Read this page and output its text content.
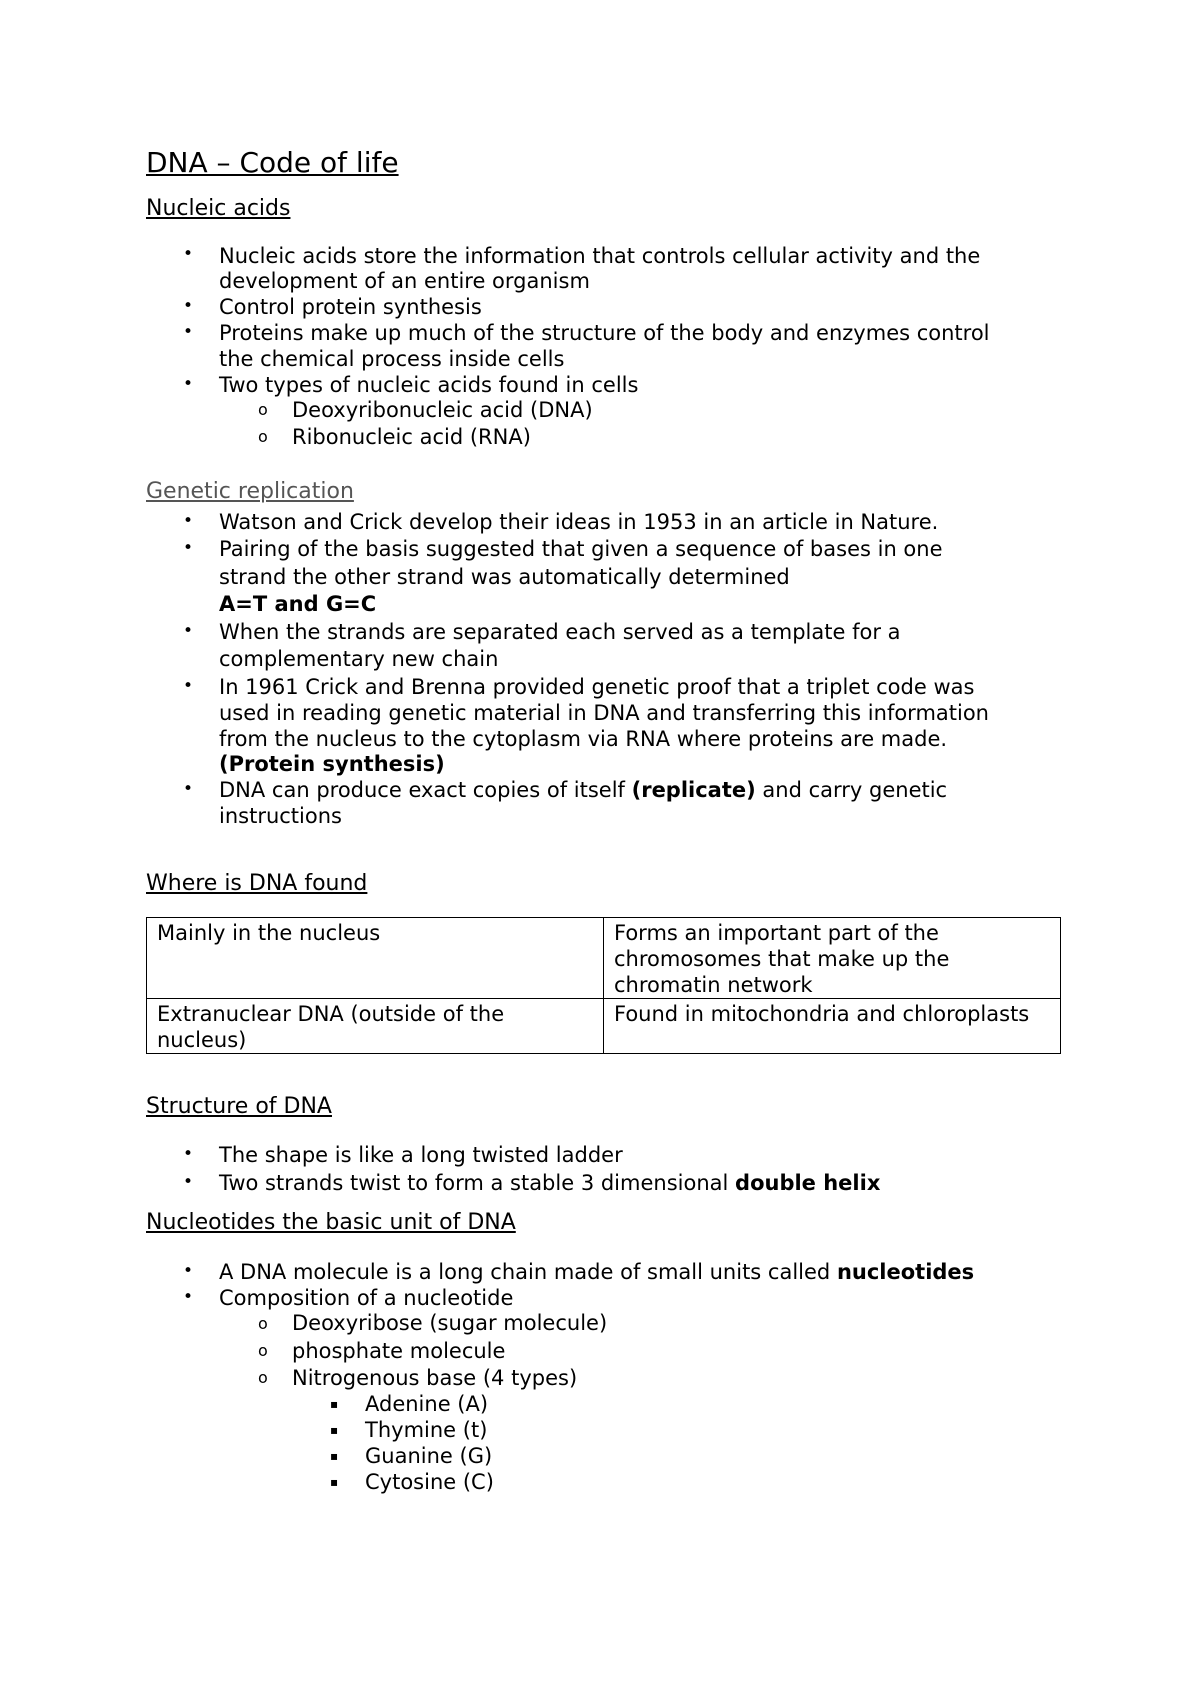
DNA – Code of life
Nucleic acids
• Nucleic acids store the information that controls cellular activity and the
development of an entire organism
• Control protein synthesis
• Proteins make up much of the structure of the body and enzymes control
the chemical process inside cells
• Two types of nucleic acids found in cells
o Deoxyribonucleic acid (DNA)
o Ribonucleic acid (RNA)
Genetic replication
• Watson and Crick develop their ideas in 1953 in an article in Nature.
• Pairing of the basis suggested that given a sequence of bases in one
strand the other strand was automatically determined
A=T and G=C
• When the strands are separated each served as a template for a
complementary new chain
• In 1961 Crick and Brenna provided genetic proof that a triplet code was
used in reading genetic material in DNA and transferring this information
from the nucleus to the cytoplasm via RNA where proteins are made.
(Protein synthesis)
• DNA can produce exact copies of itself (replicate) and carry genetic
instructions
Where is DNA found
Mainly in the nucleus	Forms an important part of the chromosomes that make up the chromatin network
Extranuclear DNA (outside of the nucleus)	Found in mitochondria and chloroplasts
Structure of DNA
• The shape is like a long twisted ladder
• Two strands twist to form a stable 3 dimensional double helix
Nucleotides the basic unit of DNA
• A DNA molecule is a long chain made of small units called nucleotides
• Composition of a nucleotide
o Deoxyribose (sugar molecule)
o phosphate molecule
o Nitrogenous base (4 types)
▪ Adenine (A)
▪ Thymine (t)
▪ Guanine (G)
▪ Cytosine (C)
